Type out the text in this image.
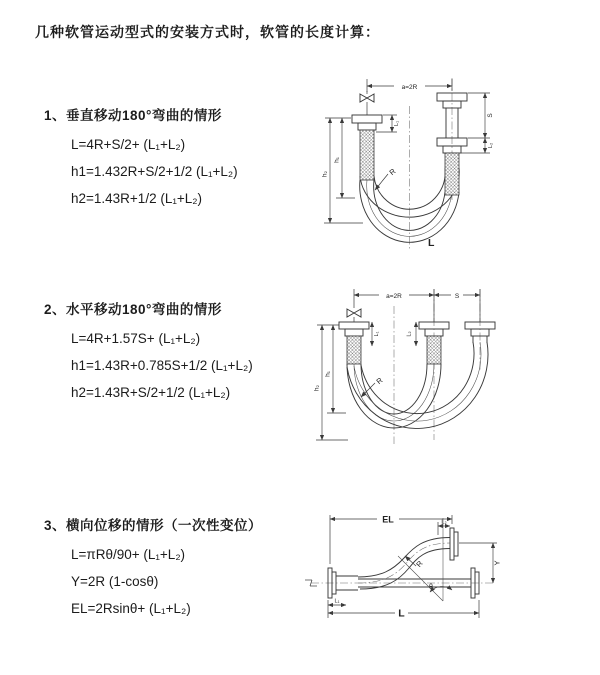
几种软管运动型式的安装方式时，软管的长度计算：
1、垂直移动180°弯曲的情形
L=4R+S/2+ (L₁+L₂)
h1=1.432R+S/2+1/2 (L₁+L₂)
h2=1.43R+1/2 (L₁+L₂)
2、水平移动180°弯曲的情形
L=4R+1.57S+ (L₁+L₂)
h1=1.43R+0.785S+1/2 (L₁+L₂)
h2=1.43R+S/2+1/2 (L₁+L₂)
3、横向位移的情形（一次性变位）
L=πRθ/90+ (L₁+L₂)
Y=2R (1-cosθ)
EL=2Rsinθ+ (L₁+L₂)
a=2R
L₁
S
L₂
h₁
h₂	R
L
a=2R	S
L₁	L₂
h₁
h₂
R
EL	L₂
Y
θ
R
L₁
L
